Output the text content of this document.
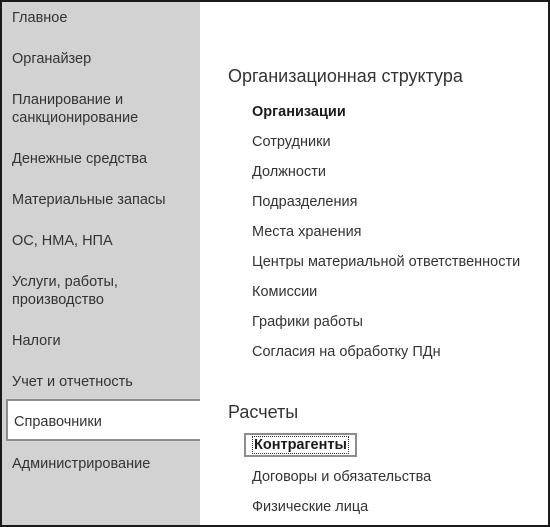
Главное
Органайзер
Планирование и санкционирование
Денежные средства
Материальные запасы
ОС, НМА, НПА
Услуги, работы, производство
Налоги
Учет и отчетность
Справочники
Администрирование
Организационная структура
Организации
Сотрудники
Должности
Подразделения
Места хранения
Центры материальной ответственности
Комиссии
Графики работы
Согласия на обработку ПДн
Расчеты
Контрагенты
Договоры и обязательства
Физические лица
